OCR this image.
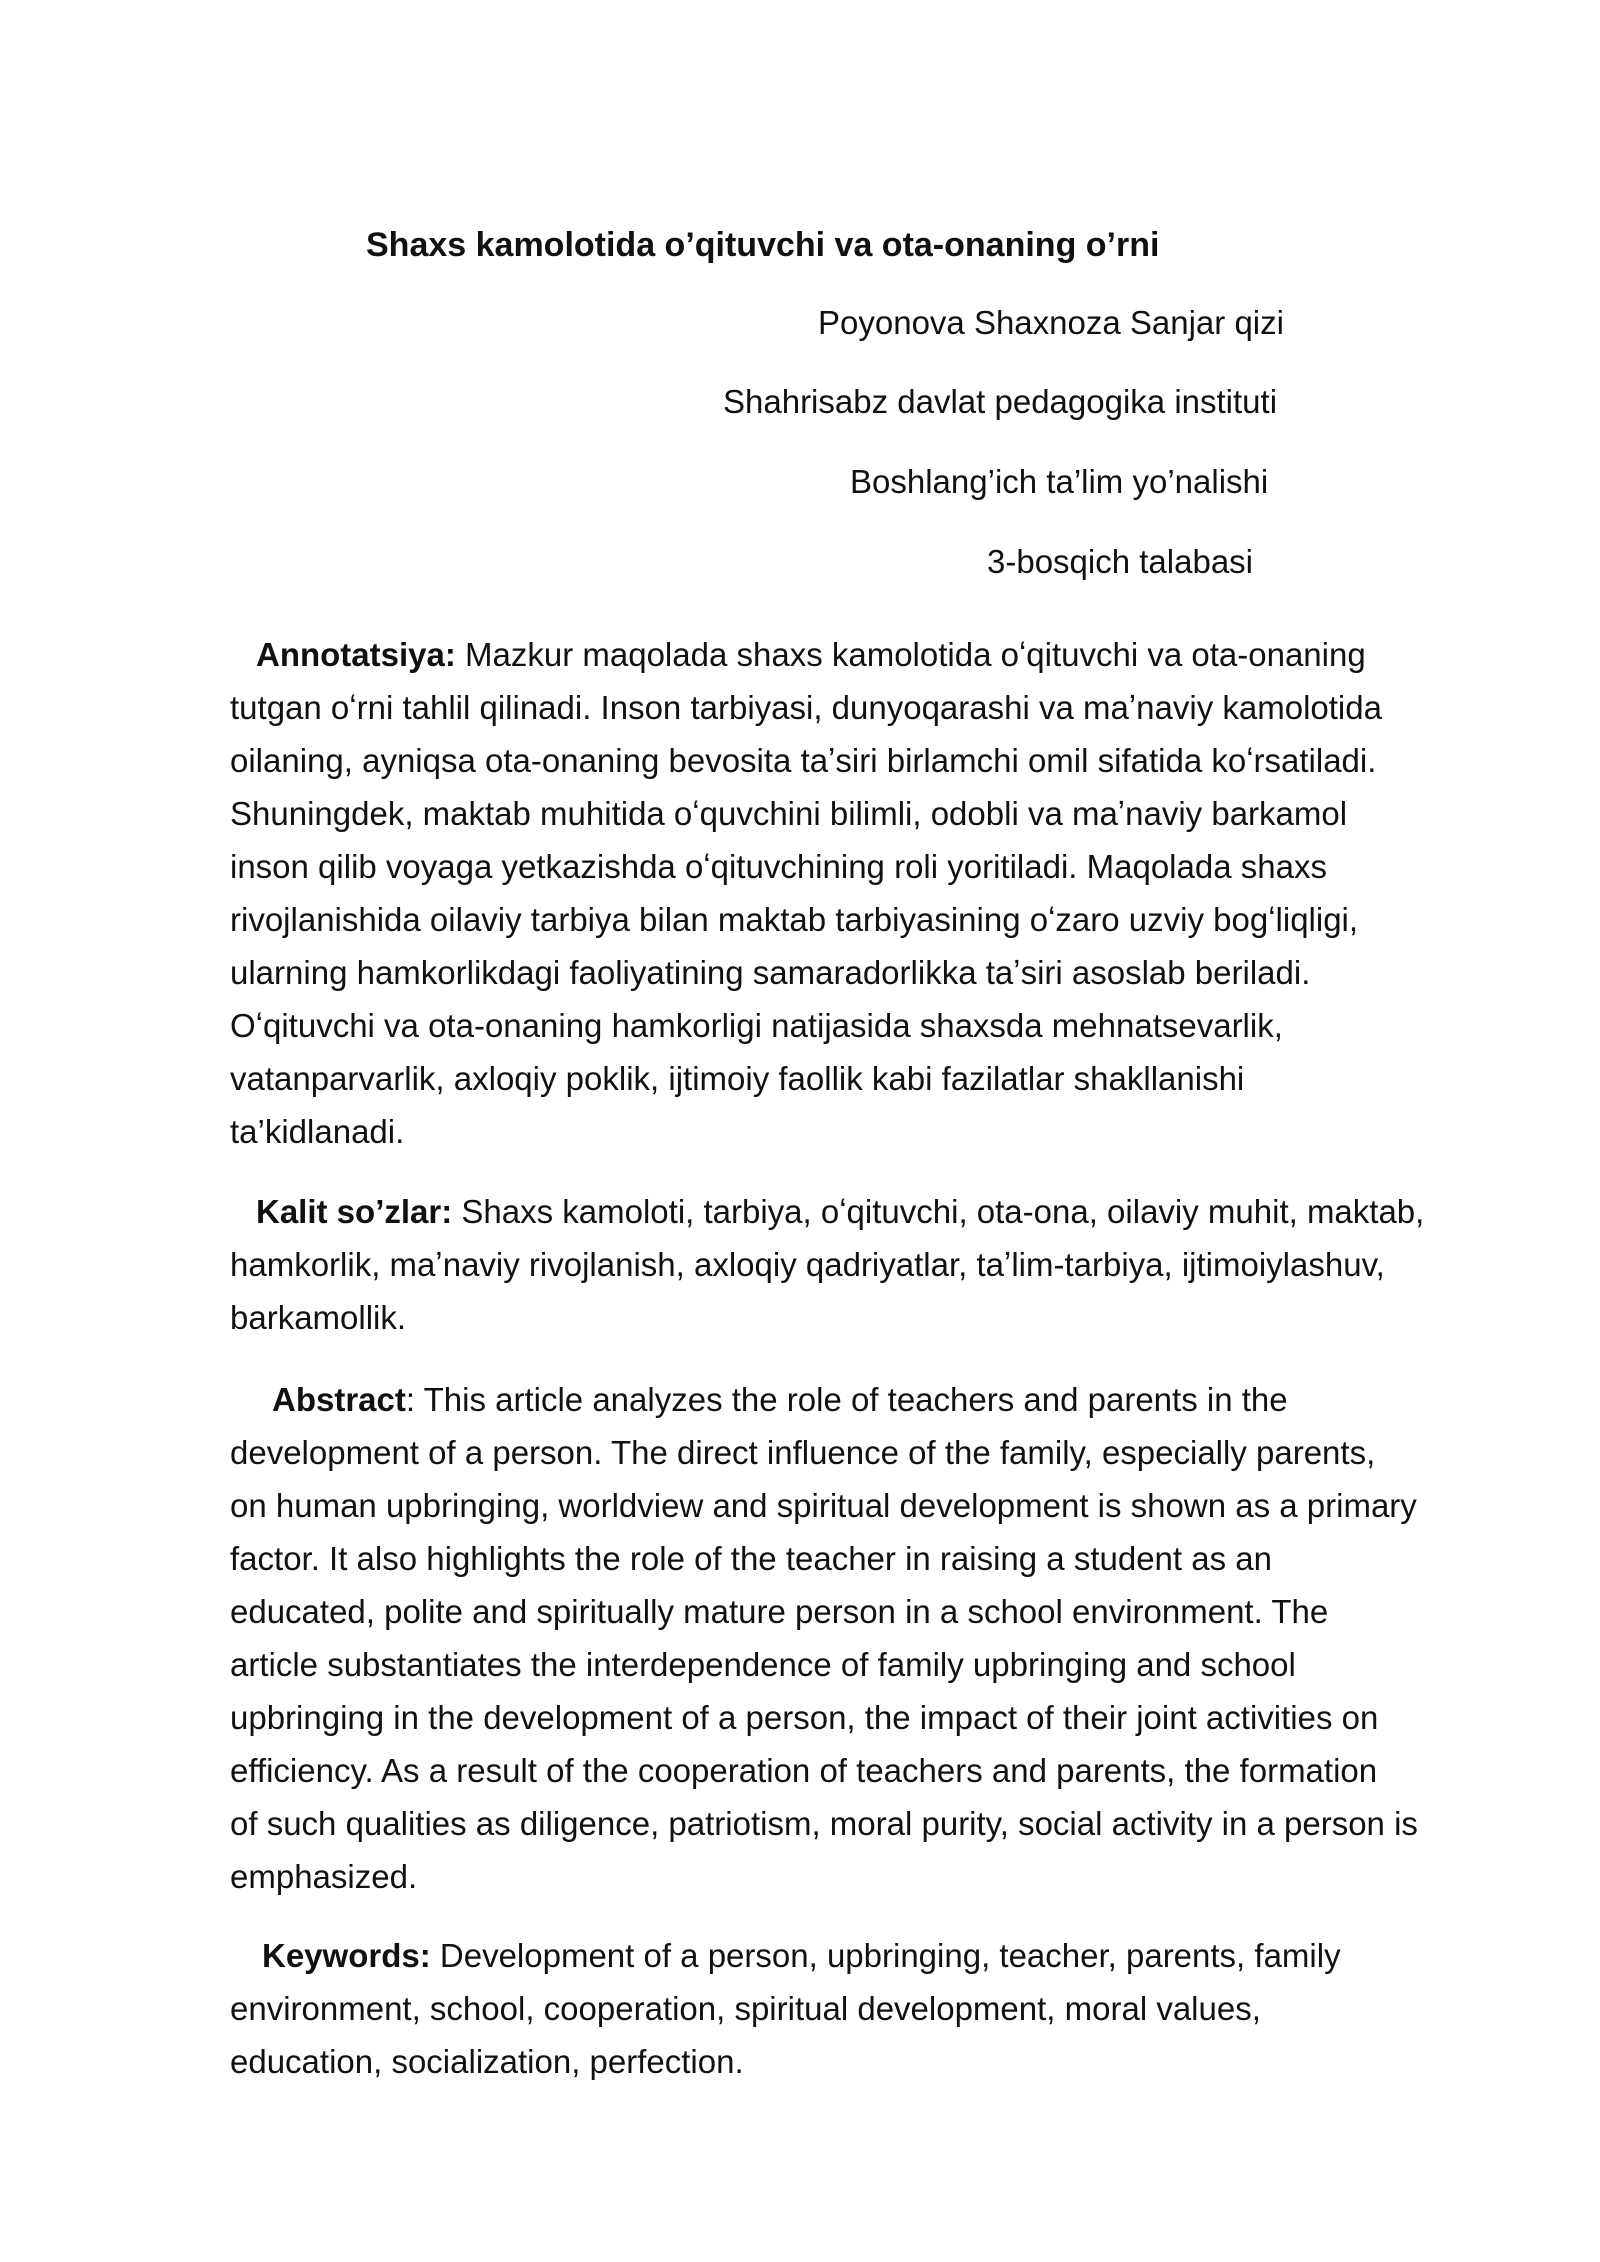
Shaxs kamolotida o’qituvchi va ota-onaning o’rni
Poyonova Shaxnoza Sanjar qizi
Shahrisabz davlat pedagogika instituti
Boshlang’ich ta’lim yo’nalishi
3-bosqich talabasi

Annotatsiya: Mazkur maqolada shaxs kamolotida oʻqituvchi va ota-onaning
tutgan oʻrni tahlil qilinadi. Inson tarbiyasi, dunyoqarashi va maʼnaviy kamolotida
oilaning, ayniqsa ota-onaning bevosita taʼsiri birlamchi omil sifatida koʻrsatiladi.
Shuningdek, maktab muhitida oʻquvchini bilimli, odobli va maʼnaviy barkamol
inson qilib voyaga yetkazishda oʻqituvchining roli yoritiladi. Maqolada shaxs
rivojlanishida oilaviy tarbiya bilan maktab tarbiyasining oʻzaro uzviy bogʻliqligi,
ularning hamkorlikdagi faoliyatining samaradorlikka taʼsiri asoslab beriladi.
Oʻqituvchi va ota-onaning hamkorligi natijasida shaxsda mehnatsevarlik,
vatanparvarlik, axloqiy poklik, ijtimoiy faollik kabi fazilatlar shakllanishi
ta’kidlanadi.

Kalit so’zlar: Shaxs kamoloti, tarbiya, oʻqituvchi, ota-ona, oilaviy muhit, maktab,
hamkorlik, maʼnaviy rivojlanish, axloqiy qadriyatlar, taʼlim-tarbiya, ijtimoiylashuv,
barkamollik.

Abstract: This article analyzes the role of teachers and parents in the
development of a person. The direct influence of the family, especially parents,
on human upbringing, worldview and spiritual development is shown as a primary
factor. It also highlights the role of the teacher in raising a student as an
educated, polite and spiritually mature person in a school environment. The
article substantiates the interdependence of family upbringing and school
upbringing in the development of a person, the impact of their joint activities on
efficiency. As a result of the cooperation of teachers and parents, the formation
of such qualities as diligence, patriotism, moral purity, social activity in a person is
emphasized.

Keywords: Development of a person, upbringing, teacher, parents, family
environment, school, cooperation, spiritual development, moral values,
education, socialization, perfection.
